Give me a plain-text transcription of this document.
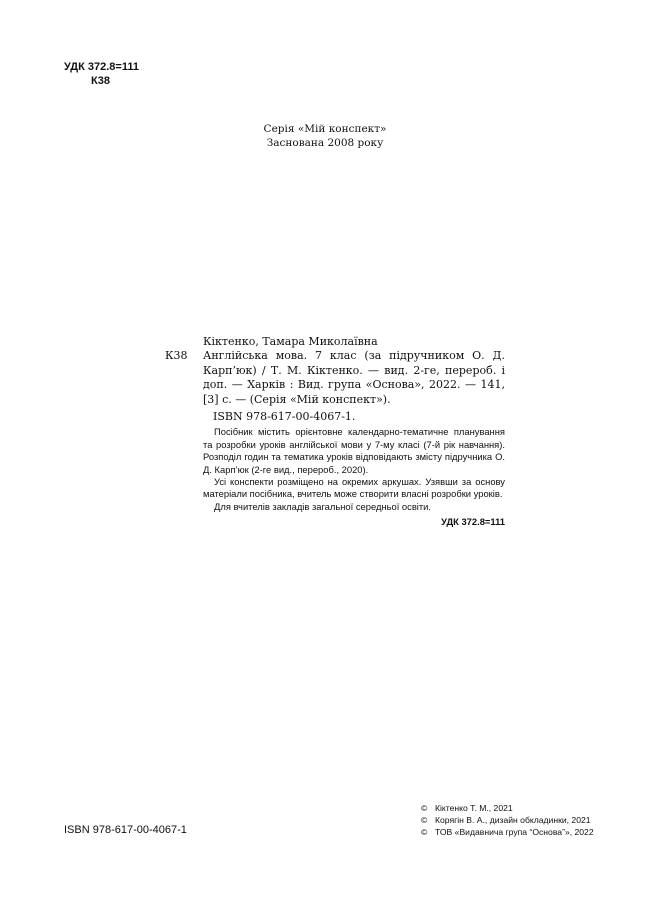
УДК 372.8=111
К38
Серія «Мій конспект»
Заснована 2008 року
Кіктенко, Тамара Миколаївна
К38	Англійська мова. 7 клас (за підручником О. Д. Карп’юк) / Т. М. Кіктенко. — вид. 2-ге, перероб. і доп. — Харків : Вид. група «Основа», 2022. — 141, [3] с. — (Серія «Мій конспект»).
ISBN 978-617-00-4067-1.

Посібник містить орієнтовне календарно-тематичне планування та розробки уроків англійської мови у 7-му класі (7-й рік навчання). Розподіл годин та тематика уроків відповідають змісту підручника О. Д. Карп’юк (2-ге вид., перероб., 2020).

Усі конспекти розміщено на окремих аркушах. Узявши за основу матеріали посібника, вчитель може створити власні розробки уроків.

Для вчителів закладів загальної середньої освіти.

УДК 372.8=111
ISBN 978-617-00-4067-1
© Кіктенко Т. М., 2021
© Корягін В. А., дизайн обкладинки, 2021
© ТОВ «Видавнича група “Основа”», 2022
